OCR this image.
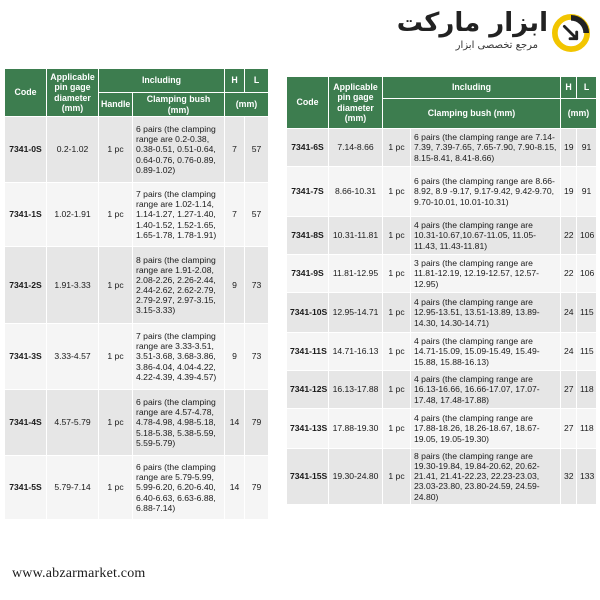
ابزار مارکت
مرجع تخصصی ابزار
Code	Applicable pin gage diameter (mm)	Including		H	L
		Handle	Clamping bush (mm)	(mm)	

7341-0S	0.2-1.02	1 pc	6 pairs (the clamping range are 0.2-0.38, 0.38-0.51, 0.51-0.64, 0.64-0.76, 0.76-0.89, 0.89-1.02)	7	57
7341-1S	1.02-1.91	1 pc	7 pairs (the clamping range are 1.02-1.14, 1.14-1.27, 1.27-1.40, 1.40-1.52, 1.52-1.65, 1.65-1.78, 1.78-1.91)	7	57
7341-2S	1.91-3.33	1 pc	8 pairs (the clamping range are 1.91-2.08, 2.08-2.26, 2.26-2.44, 2.44-2.62, 2.62-2.79, 2.79-2.97, 2.97-3.15, 3.15-3.33)	9	73
7341-3S	3.33-4.57	1 pc	7 pairs (the clamping range are 3.33-3.51, 3.51-3.68, 3.68-3.86, 3.86-4.04, 4.04-4.22, 4.22-4.39, 4.39-4.57)	9	73
7341-4S	4.57-5.79	1 pc	6 pairs (the clamping range are 4.57-4.78, 4.78-4.98, 4.98-5.18, 5.18-5.38, 5.38-5.59, 5.59-5.79)	14	79
7341-5S	5.79-7.14	1 pc	6 pairs (the clamping range are 5.79-5.99, 5.99-6.20, 6.20-6.40, 6.40-6.63, 6.63-6.88, 6.88-7.14)	14	79
Code	Applicable pin gage diameter (mm)	Including		H	L
		Clamping bush (mm)		(mm)	
7341-6S	7.14-8.66	1 pc	6 pairs (the clamping range are 7.14-7.39, 7.39-7.65, 7.65-7.90, 7.90-8.15, 8.15-8.41, 8.41-8.66)	19	91
7341-7S	8.66-10.31	1 pc	6 pairs (the clamping range are 8.66-8.92, 8.9 -9.17, 9.17-9.42, 9.42-9.70, 9.70-10.01, 10.01-10.31)	19	91
7341-8S	10.31-11.81	1 pc	4 pairs (the clamping range are 10.31-10.67,10.67-11.05, 11.05-11.43, 11.43-11.81)	22	106
7341-9S	11.81-12.95	1 pc	3 pairs (the clamping range are 11.81-12.19, 12.19-12.57, 12.57-12.95)	22	106
7341-10S	12.95-14.71	1 pc	4 pairs (the clamping range are 12.95-13.51, 13.51-13.89, 13.89-14.30, 14.30-14.71)	24	115
7341-11S	14.71-16.13	1 pc	4 pairs (the clamping range are 14.71-15.09, 15.09-15.49, 15.49-15.88, 15.88-16.13)	24	115
7341-12S	16.13-17.88	1 pc	4 pairs (the clamping range are 16.13-16.66, 16.66-17.07, 17.07-17.48, 17.48-17.88)	27	118
7341-13S	17.88-19.30	1 pc	4 pairs (the clamping range are 17.88-18.26, 18.26-18.67, 18.67-19.05, 19.05-19.30)	27	118
7341-15S	19.30-24.80	1 pc	8 pairs (the clamping range are 19.30-19.84, 19.84-20.62, 20.62-21.41, 21.41-22.23, 22.23-23.03, 23.03-23.80, 23.80-24.59, 24.59-24.80)	32	133
www.abzarmarket.com
